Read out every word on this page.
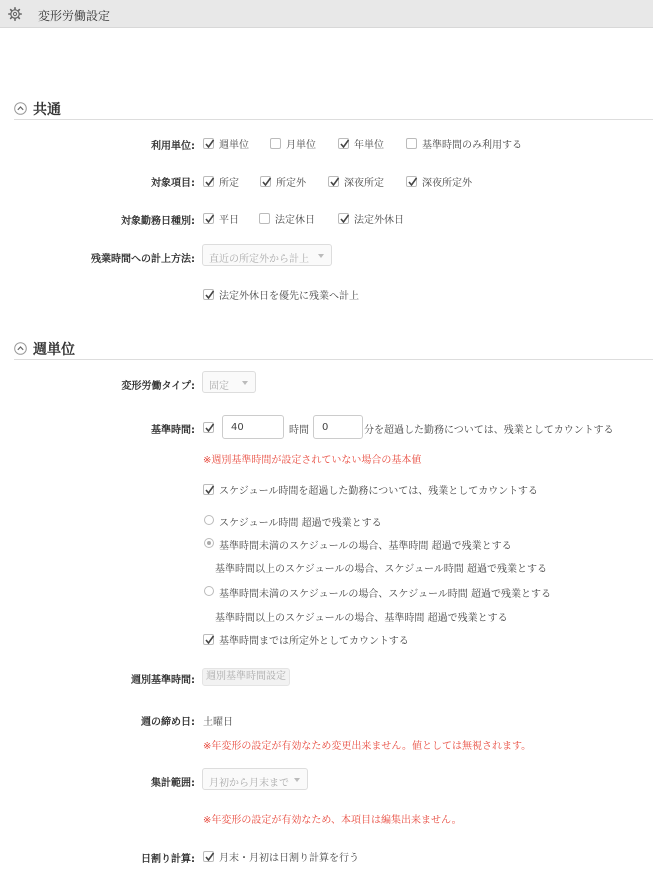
変形労働設定
共通
利用単位: 週単位	月単位	年単位	基準時間のみ利用する
対象項目: 所定	所定外	深夜所定	深夜所定外
対象勤務日種別: 平日	法定休日	法定外休日
残業時間への計上方法: 直近の所定外から計上
法定外休日を優先に残業へ計上
週単位
変形労働タイプ: 固定
基準時間:
40	時間
0	分を超過した勤務については、残業としてカウントする
※週別基準時間が設定されていない場合の基本値
スケジュール時間を超過した勤務については、残業としてカウントする
スケジュール時間 超過で残業とする
基準時間未満のスケジュールの場合、基準時間 超過で残業とする
基準時間以上のスケジュールの場合、スケジュール時間 超過で残業とする
基準時間未満のスケジュールの場合、スケジュール時間 超過で残業とする
基準時間以上のスケジュールの場合、基準時間 超過で残業とする
基準時間までは所定外としてカウントする
週別基準時間:	週別基準時間設定
週の締め日: 土曜日
※年変形の設定が有効なため変更出来ません。値としては無視されます。
集計範囲: 月初から月末まで
※年変形の設定が有効なため、本項目は編集出来ません。
日割り計算: 月末・月初は日割り計算を行う
